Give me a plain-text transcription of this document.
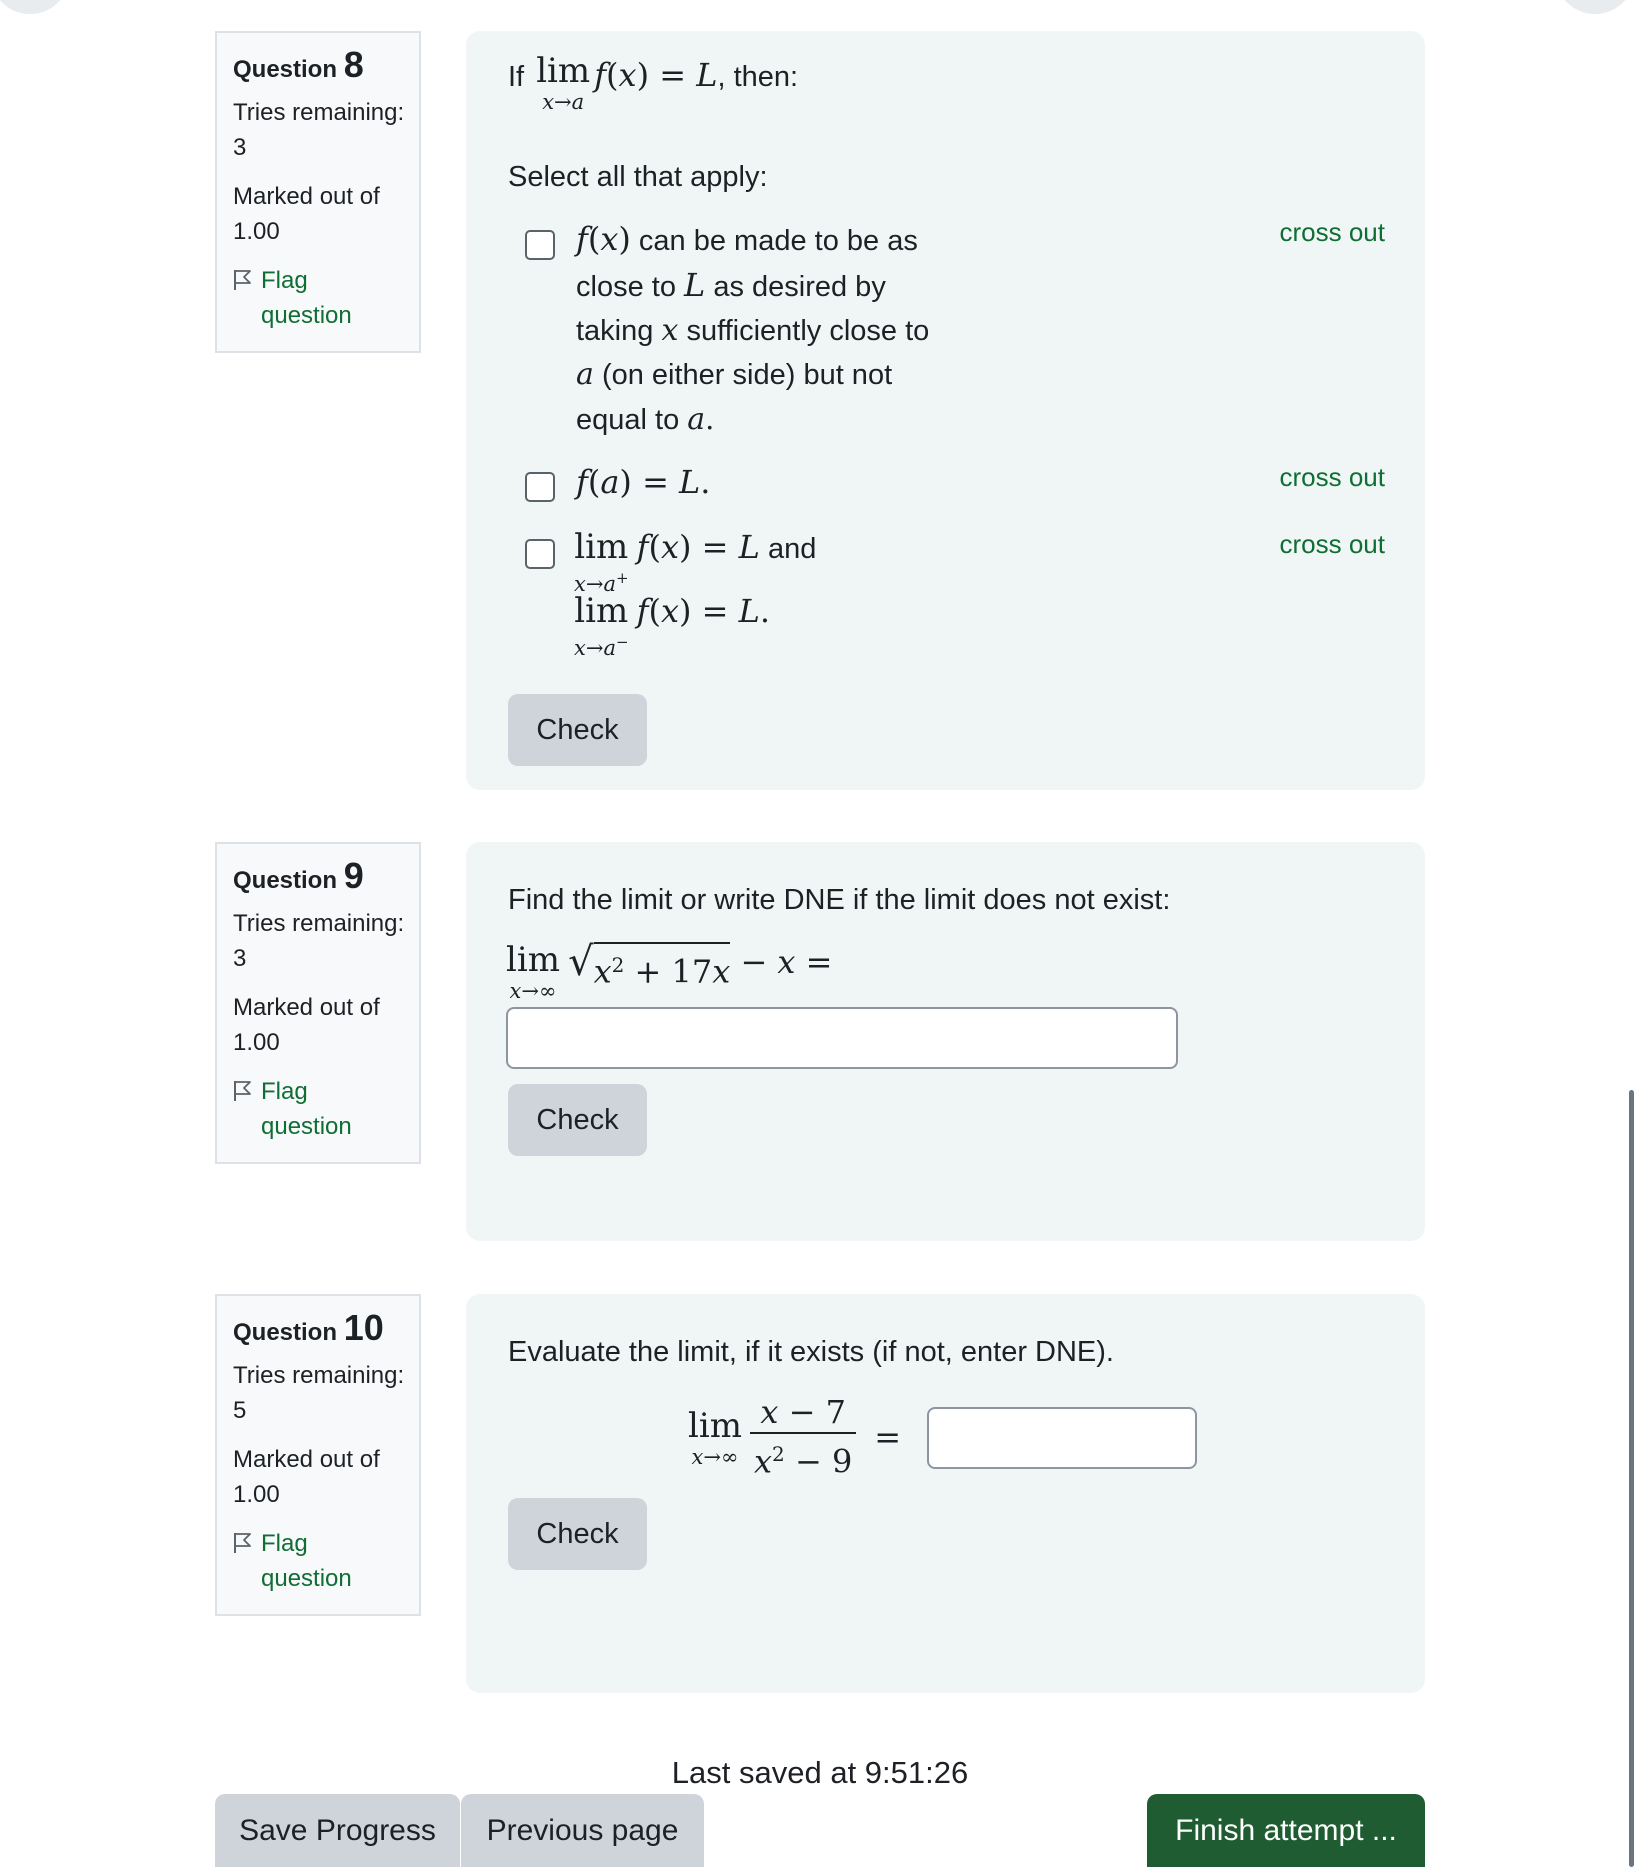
Question 8
Tries remaining: 3
Marked out of 1.00
Flag question
If lim
x→a
f(x) = L, then:
Select all that apply:
f(x) can be made to be as
close to L as desired by
taking x sufficiently close to
a (on either side) but not
equal to a.
cross out
f(a) = L.	cross out
lim
x→a+
f(x) = L and
lim
x→a−
f(x) = L.
cross out
Check
Question 9
Tries remaining: 3
Marked out of 1.00
Flag question
Find the limit or write DNE if the limit does not exist:
lim
x→∞
$√x^2 + 17x - x$ =
Check
Question 10
Tries remaining: 5
Marked out of 1.00
Flag question
Evaluate the limit, if it exists (if not, enter DNE).
lim
$x\to\infty \frac{x - 7}{x^2 - 9}$ =
Check
Last saved at 9:51:26
Save Progress	Previous page	Finish attempt ...
